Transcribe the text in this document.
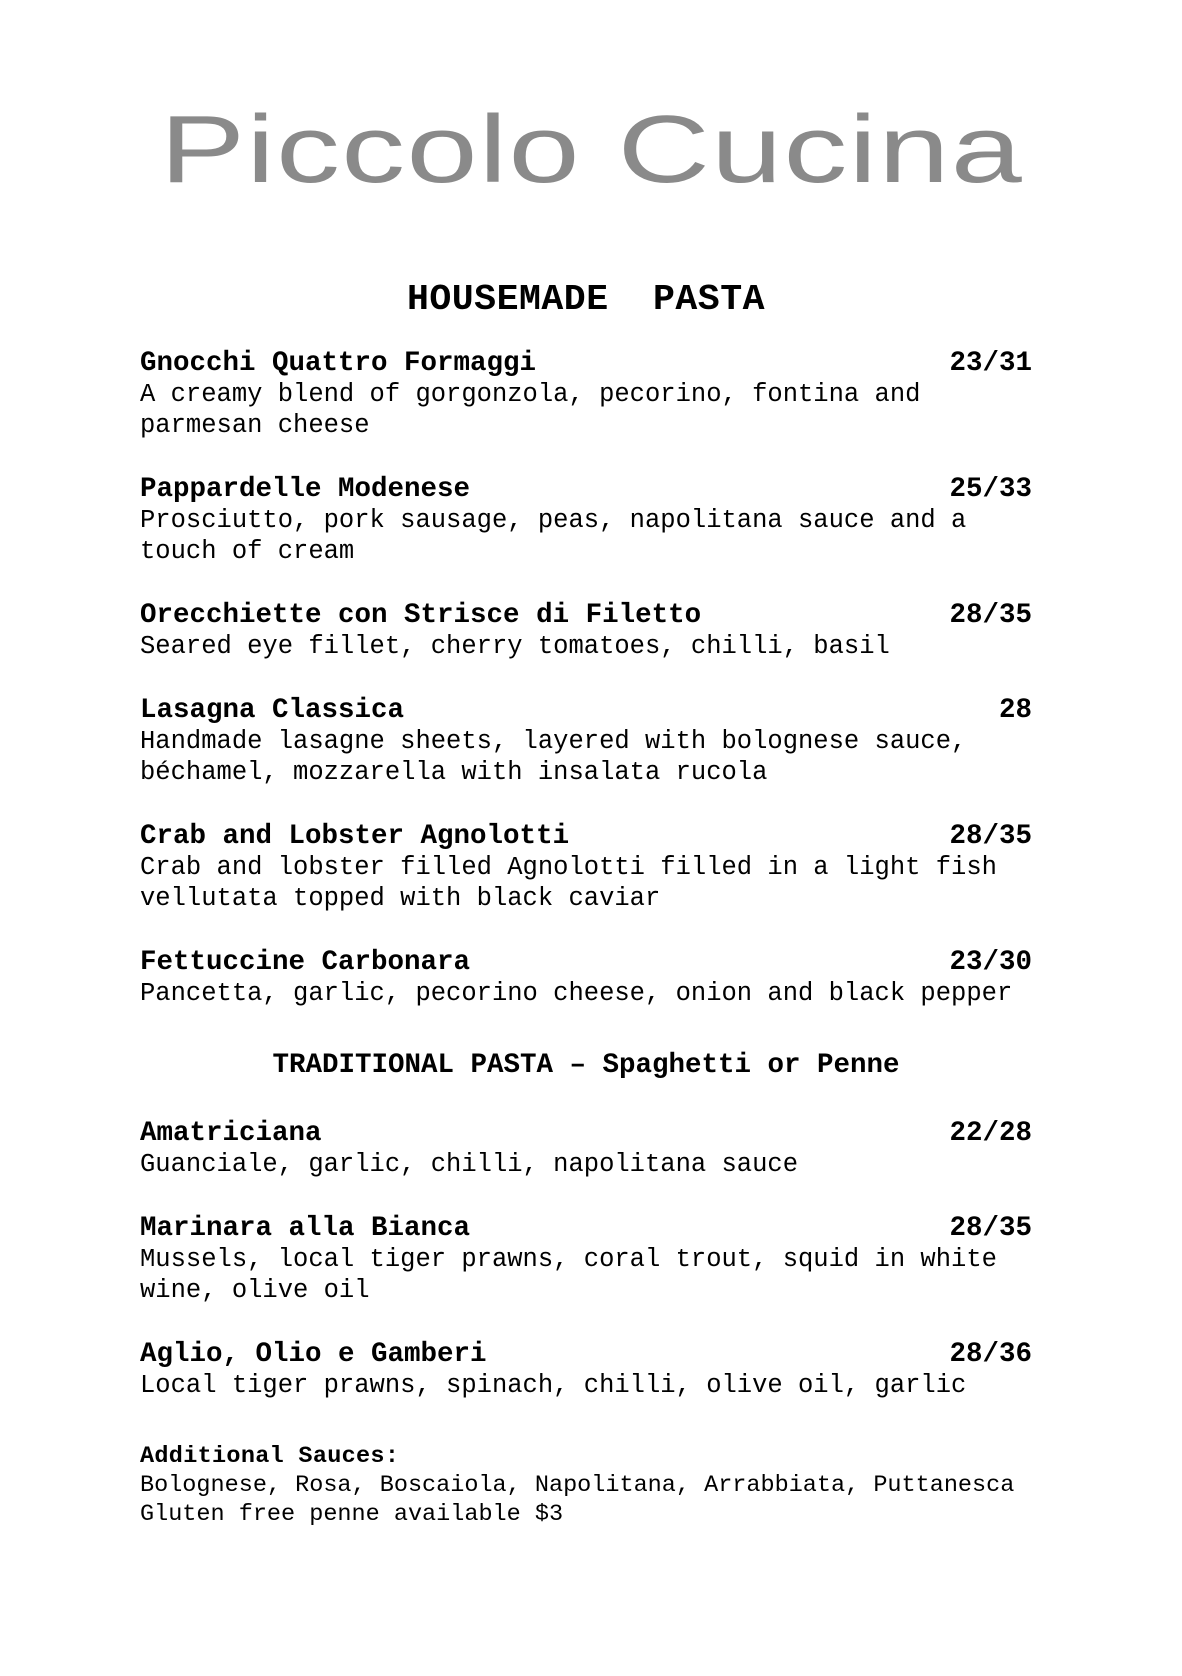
Piccolo Cucina
HOUSEMADE PASTA
Gnocchi Quattro Formaggi	23/31
A creamy blend of gorgonzola, pecorino, fontina and parmesan cheese
Pappardelle Modenese	25/33
Prosciutto, pork sausage, peas, napolitana sauce and a touch of cream
Orecchiette con Strisce di Filetto	28/35
Seared eye fillet, cherry tomatoes, chilli, basil
Lasagna Classica	28
Handmade lasagne sheets, layered with bolognese sauce, béchamel, mozzarella with insalata rucola
Crab and Lobster Agnolotti	28/35
Crab and lobster filled Agnolotti filled in a light fish vellutata topped with black caviar
Fettuccine Carbonara	23/30
Pancetta, garlic, pecorino cheese, onion and black pepper
TRADITIONAL PASTA – Spaghetti or Penne
Amatriciana	22/28
Guanciale, garlic, chilli, napolitana sauce
Marinara alla Bianca	28/35
Mussels, local tiger prawns, coral trout, squid in white wine, olive oil
Aglio, Olio e Gamberi	28/36
Local tiger prawns, spinach, chilli, olive oil, garlic
Additional Sauces:
Bolognese, Rosa, Boscaiola, Napolitana, Arrabbiata, Puttanesca
Gluten free penne available $3
